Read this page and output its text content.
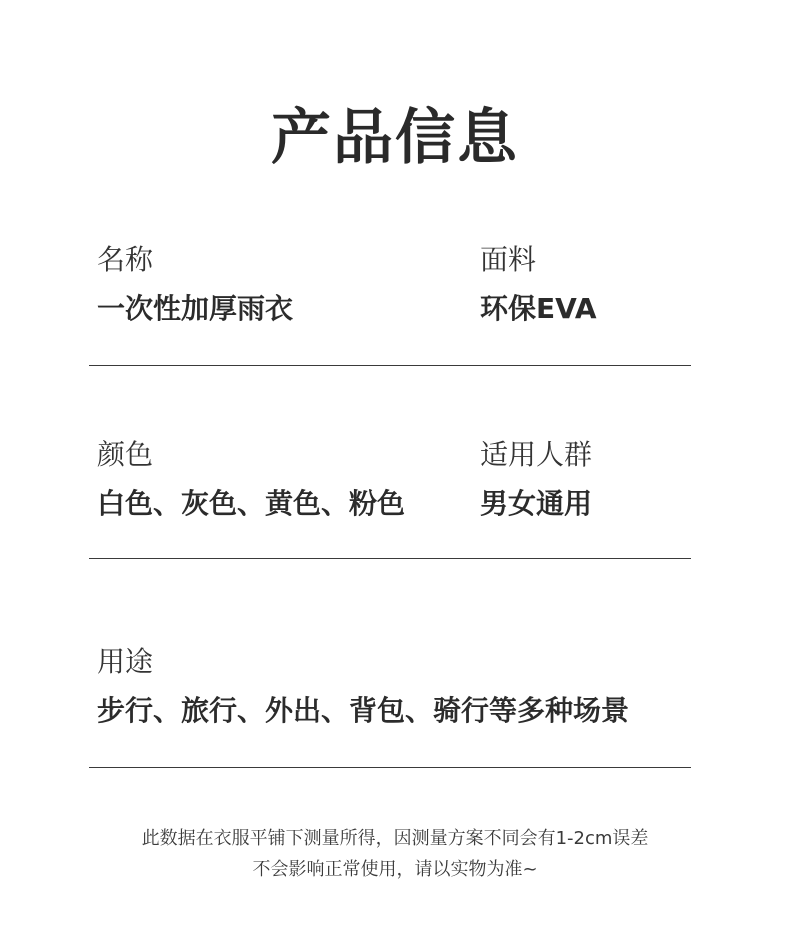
产品信息
名称
一次性加厚雨衣
面料
环保EVA
颜色
白色、灰色、黄色、粉色
适用人群
男女通用
用途
步行、旅行、外出、背包、骑行等多种场景
此数据在衣服平铺下测量所得，因测量方案不同会有1-2cm误差
不会影响正常使用，请以实物为准~
